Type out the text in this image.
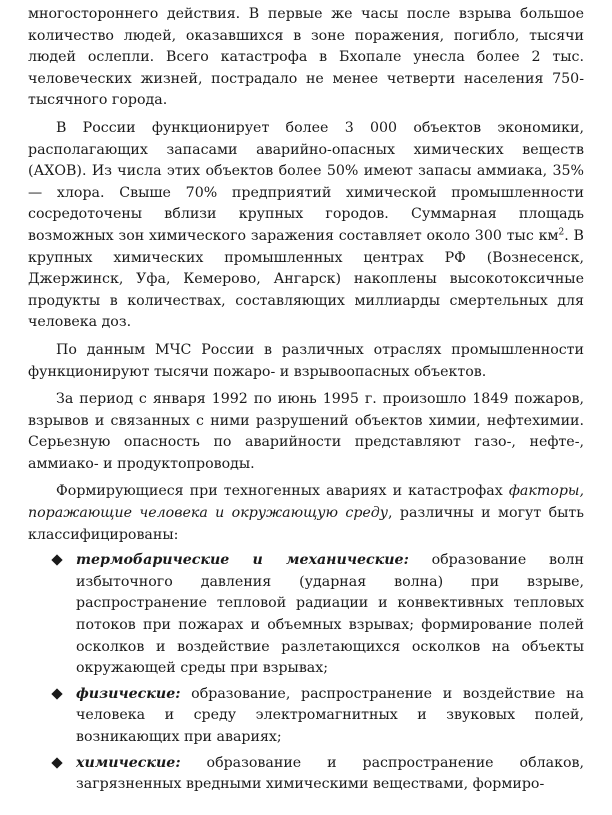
многостороннего действия. В первые же часы после взрыва большое количество людей, оказавшихся в зоне поражения, погибло, тысячи людей ослепли. Всего катастрофа в Бхопале унесла более 2 тыс. человеческих жизней, пострадало не менее четверти населения 750-тысячного города.

В России функционирует более 3 000 объектов экономики, располагающих запасами аварийно-опасных химических веществ (АХОВ). Из числа этих объектов более 50% имеют запасы аммиака, 35% — хлора. Свыше 70% предприятий химической промышленности сосредоточены вблизи крупных городов. Суммарная площадь возможных зон химического заражения составляет около 300 тыс $км^2$. В крупных химических промышленных центрах РФ (Вознесенск, Джержинск, Уфа, Кемерово, Ангарск) накоплены высокотоксичные продукты в количествах, составляющих миллиарды смертельных для человека доз.

По данным МЧС России в различных отраслях промышленности функционируют тысячи пожаро- и взрывоопасных объектов.

За период с января 1992 по июнь 1995 г. произошло 1849 пожаров, взрывов и связанных с ними разрушений объектов химии, нефтехимии. Серьезную опасность по аварийности представляют газо-, нефте-, аммиако- и продуктопроводы.

Формирующиеся при техногенных авариях и катастрофах факторы, поражающие человека и окружающую среду, различны и могут быть классифицированы:

термобарические и механические: образование волн избыточного давления (ударная волна) при взрыве, распространение тепловой радиации и конвективных тепловых потоков при пожарах и объемных взрывах; формирование полей осколков и воздействие разлетающихся осколков на объекты окружающей среды при взрывах;
физические: образование, распространение и воздействие на человека и среду электромагнитных и звуковых полей, возникающих при авариях;
химические: образование и распространение облаков, загрязненных вредными химическими веществами, формиро-
